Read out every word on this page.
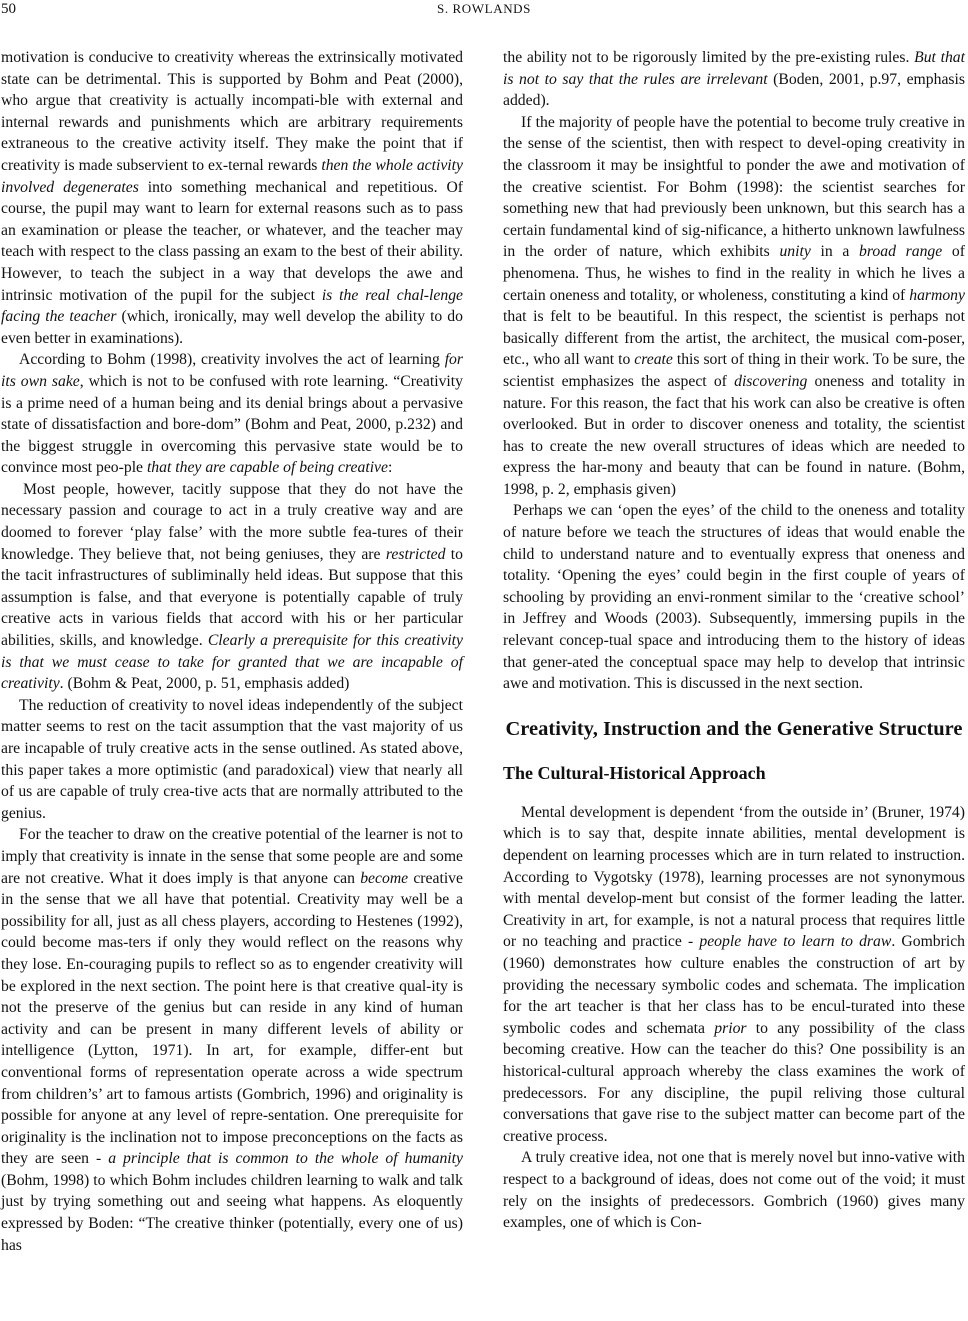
50	S. ROWLANDS

motivation is conducive to creativity whereas the extrinsically motivated state can be detrimental. This is supported by Bohm and Peat (2000), who argue that creativity is actually incompati-ble with external and internal rewards and punishments which are arbitrary requirements extraneous to the creative activity itself. They make the point that if creativity is made subservient to ex-ternal rewards then the whole activity involved degenerates into something mechanical and repetitious. Of course, the pupil may want to learn for external reasons such as to pass an examination or please the teacher, or whatever, and the teacher may teach with respect to the class passing an exam to the best of their ability. However, to teach the subject in a way that develops the awe and intrinsic motivation of the pupil for the subject is the real chal-lenge facing the teacher (which, ironically, may well develop the ability to do even better in examinations).

According to Bohm (1998), creativity involves the act of learning for its own sake, which is not to be confused with rote learning. “Creativity is a prime need of a human being and its denial brings about a pervasive state of dissatisfaction and bore-dom” (Bohm and Peat, 2000, p.232) and the biggest struggle in overcoming this pervasive state would be to convince most peo-ple that they are capable of being creative:

Most people, however, tacitly suppose that they do not have the necessary passion and courage to act in a truly creative way and are doomed to forever ‘play false’ with the more subtle fea-tures of their knowledge. They believe that, not being geniuses, they are restricted to the tacit infrastructures of subliminally held ideas. But suppose that this assumption is false, and that everyone is potentially capable of truly creative acts in various fields that accord with his or her particular abilities, skills, and knowledge. Clearly a prerequisite for this creativity is that we must cease to take for granted that we are incapable of creativity. (Bohm & Peat, 2000, p. 51, emphasis added)

The reduction of creativity to novel ideas independently of the subject matter seems to rest on the tacit assumption that the vast majority of us are incapable of truly creative acts in the sense outlined. As stated above, this paper takes a more optimistic (and paradoxical) view that nearly all of us are capable of truly crea-tive acts that are normally attributed to the genius.

For the teacher to draw on the creative potential of the learner is not to imply that creativity is innate in the sense that some people are and some are not creative. What it does imply is that anyone can become creative in the sense that we all have that potential. Creativity may well be a possibility for all, just as all chess players, according to Hestenes (1992), could become mas-ters if only they would reflect on the reasons why they lose. En-couraging pupils to reflect so as to engender creativity will be explored in the next section. The point here is that creative qual-ity is not the preserve of the genius but can reside in any kind of human activity and can be present in many different levels of ability or intelligence (Lytton, 1971). In art, for example, differ-ent but conventional forms of representation operate across a wide spectrum from children’s’ art to famous artists (Gombrich, 1996) and originality is possible for anyone at any level of repre-sentation. One prerequisite for originality is the inclination not to impose preconceptions on the facts as they are seen - a principle that is common to the whole of humanity (Bohm, 1998) to which Bohm includes children learning to walk and talk just by trying something out and seeing what happens. As eloquently expressed by Boden: “The creative thinker (potentially, every one of us) has

the ability not to be rigorously limited by the pre-existing rules. But that is not to say that the rules are irrelevant (Boden, 2001, p.97, emphasis added).

If the majority of people have the potential to become truly creative in the sense of the scientist, then with respect to devel-oping creativity in the classroom it may be insightful to ponder the awe and motivation of the creative scientist. For Bohm (1998): the scientist searches for something new that had previously been unknown, but this search has a certain fundamental kind of sig-nificance, a hitherto unknown lawfulness in the order of nature, which exhibits unity in a broad range of phenomena. Thus, he wishes to find in the reality in which he lives a certain oneness and totality, or wholeness, constituting a kind of harmony that is felt to be beautiful. In this respect, the scientist is perhaps not basically different from the artist, the architect, the musical com-poser, etc., who all want to create this sort of thing in their work. To be sure, the scientist emphasizes the aspect of discovering oneness and totality in nature. For this reason, the fact that his work can also be creative is often overlooked. But in order to discover oneness and totality, the scientist has to create the new overall structures of ideas which are needed to express the har-mony and beauty that can be found in nature. (Bohm, 1998, p. 2, emphasis given)

Perhaps we can ‘open the eyes’ of the child to the oneness and totality of nature before we teach the structures of ideas that would enable the child to understand nature and to eventually express that oneness and totality. ‘Opening the eyes’ could begin in the first couple of years of schooling by providing an envi-ronment similar to the ‘creative school’ in Jeffrey and Woods (2003). Subsequently, immersing pupils in the relevant concep-tual space and introducing them to the history of ideas that gener-ated the conceptual space may help to develop that intrinsic awe and motivation. This is discussed in the next section.

Creativity, Instruction and the Generative Structure
The Cultural-Historical Approach

Mental development is dependent ‘from the outside in’ (Bruner, 1974) which is to say that, despite innate abilities, mental development is dependent on learning processes which are in turn related to instruction. According to Vygotsky (1978), learning processes are not synonymous with mental develop-ment but consist of the former leading the latter. Creativity in art, for example, is not a natural process that requires little or no teaching and practice - people have to learn to draw. Gombrich (1960) demonstrates how culture enables the construction of art by providing the necessary symbolic codes and schemata. The implication for the art teacher is that her class has to be encul-turated into these symbolic codes and schemata prior to any possibility of the class becoming creative. How can the teacher do this? One possibility is an historical-cultural approach whereby the class examines the work of predecessors. For any discipline, the pupil reliving those cultural conversations that gave rise to the subject matter can become part of the creative process.

A truly creative idea, not one that is merely novel but inno-vative with respect to a background of ideas, does not come out of the void; it must rely on the insights of predecessors. Gombrich (1960) gives many examples, one of which is Con-
